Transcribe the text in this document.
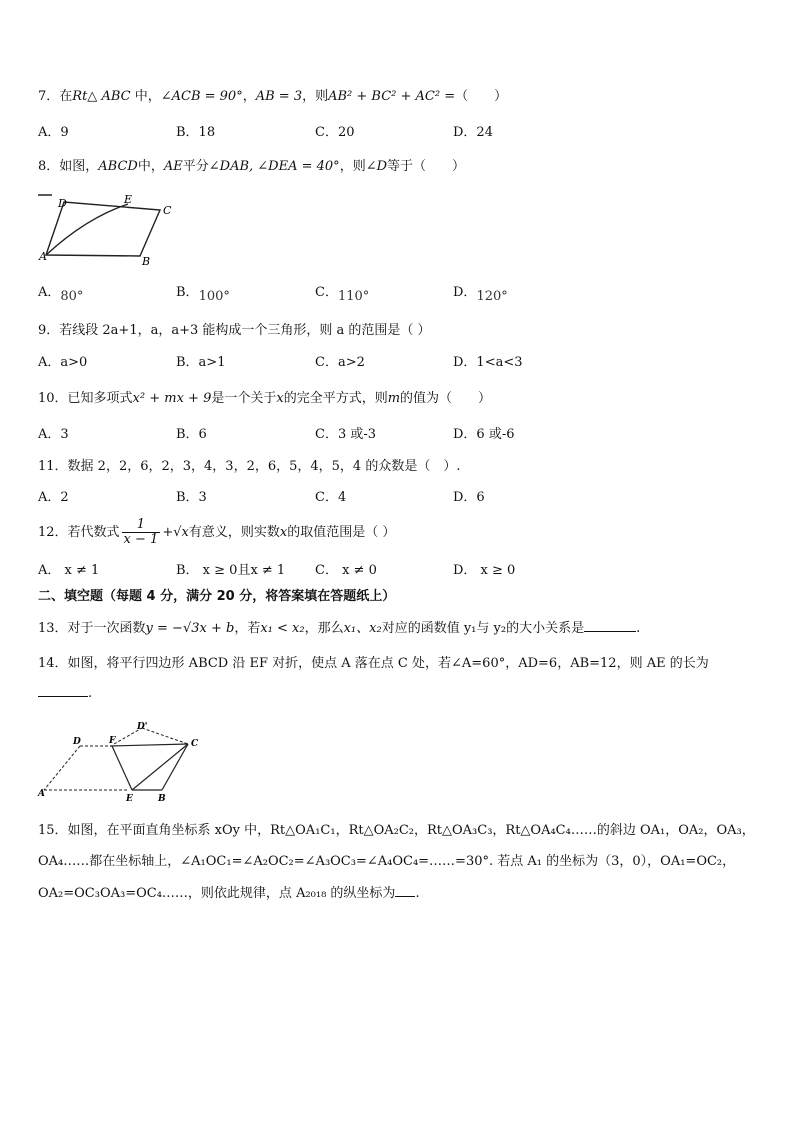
7．在Rt△ ABC 中，∠ACB = 90°，AB = 3，则AB² + BC² + AC² =（　　）
A．9	B．18	C．20	D．24
8．如图，ABCD中，AE平分∠DAB, ∠DEA = 40°，则∠D等于（　　）
D	E
C
A	B
A．80°	B．100°	C．110°	D．120°
9．若线段 2a+1，a，a+3 能构成一个三角形，则 a 的范围是（ ）
A．a>0	B．a>1	C．a>2	D．1<a<3
10．已知多项式x² + mx + 9是一个关于x的完全平方式，则m的值为（　　）
A．3	B．6	C．3 或-3	D．6 或-6
11．数据 2，2，6，2，3，4，3，2，6，5，4，5，4 的众数是（　）.
A．2	B．3	C．4	D．6
12．若代数式 $\frac{1}{x - 1} +√x$有意义，则实数x的取值范围是（ ）
A． x ≠ 1	B． x ≥ 0且x ≠ 1 C． x ≠ 0	D． x ≥ 0
二、填空题（每题 4 分，满分 20 分，将答案填在答题纸上）
13．对于一次函数y = −√3x + b，若x₁ < x₂，那么x₁、x₂对应的函数值 y₁与 y₂的大小关系是	.
14．如图，将平行四边形 ABCD 沿 EF 对折，使点 A 落在点 C 处，若∠A=60°，AD=6，AB=12，则 AE 的长为
.
D'
D	F	C
A	E	B
15．如图，在平面直角坐标系 xOy 中，Rt△OA₁C₁，Rt△OA₂C₂，Rt△OA₃C₃，Rt△OA₄C₄……的斜边 OA₁，OA₂，OA₃，
OA₄……都在坐标轴上，∠A₁OC₁=∠A₂OC₂=∠A₃OC₃=∠A₄OC₄=……=30°. 若点 A₁ 的坐标为（3，0），OA₁=OC₂，
OA₂=OC₃OA₃=OC₄……，则依此规律，点 A₂₀₁₈ 的纵坐标为 .
